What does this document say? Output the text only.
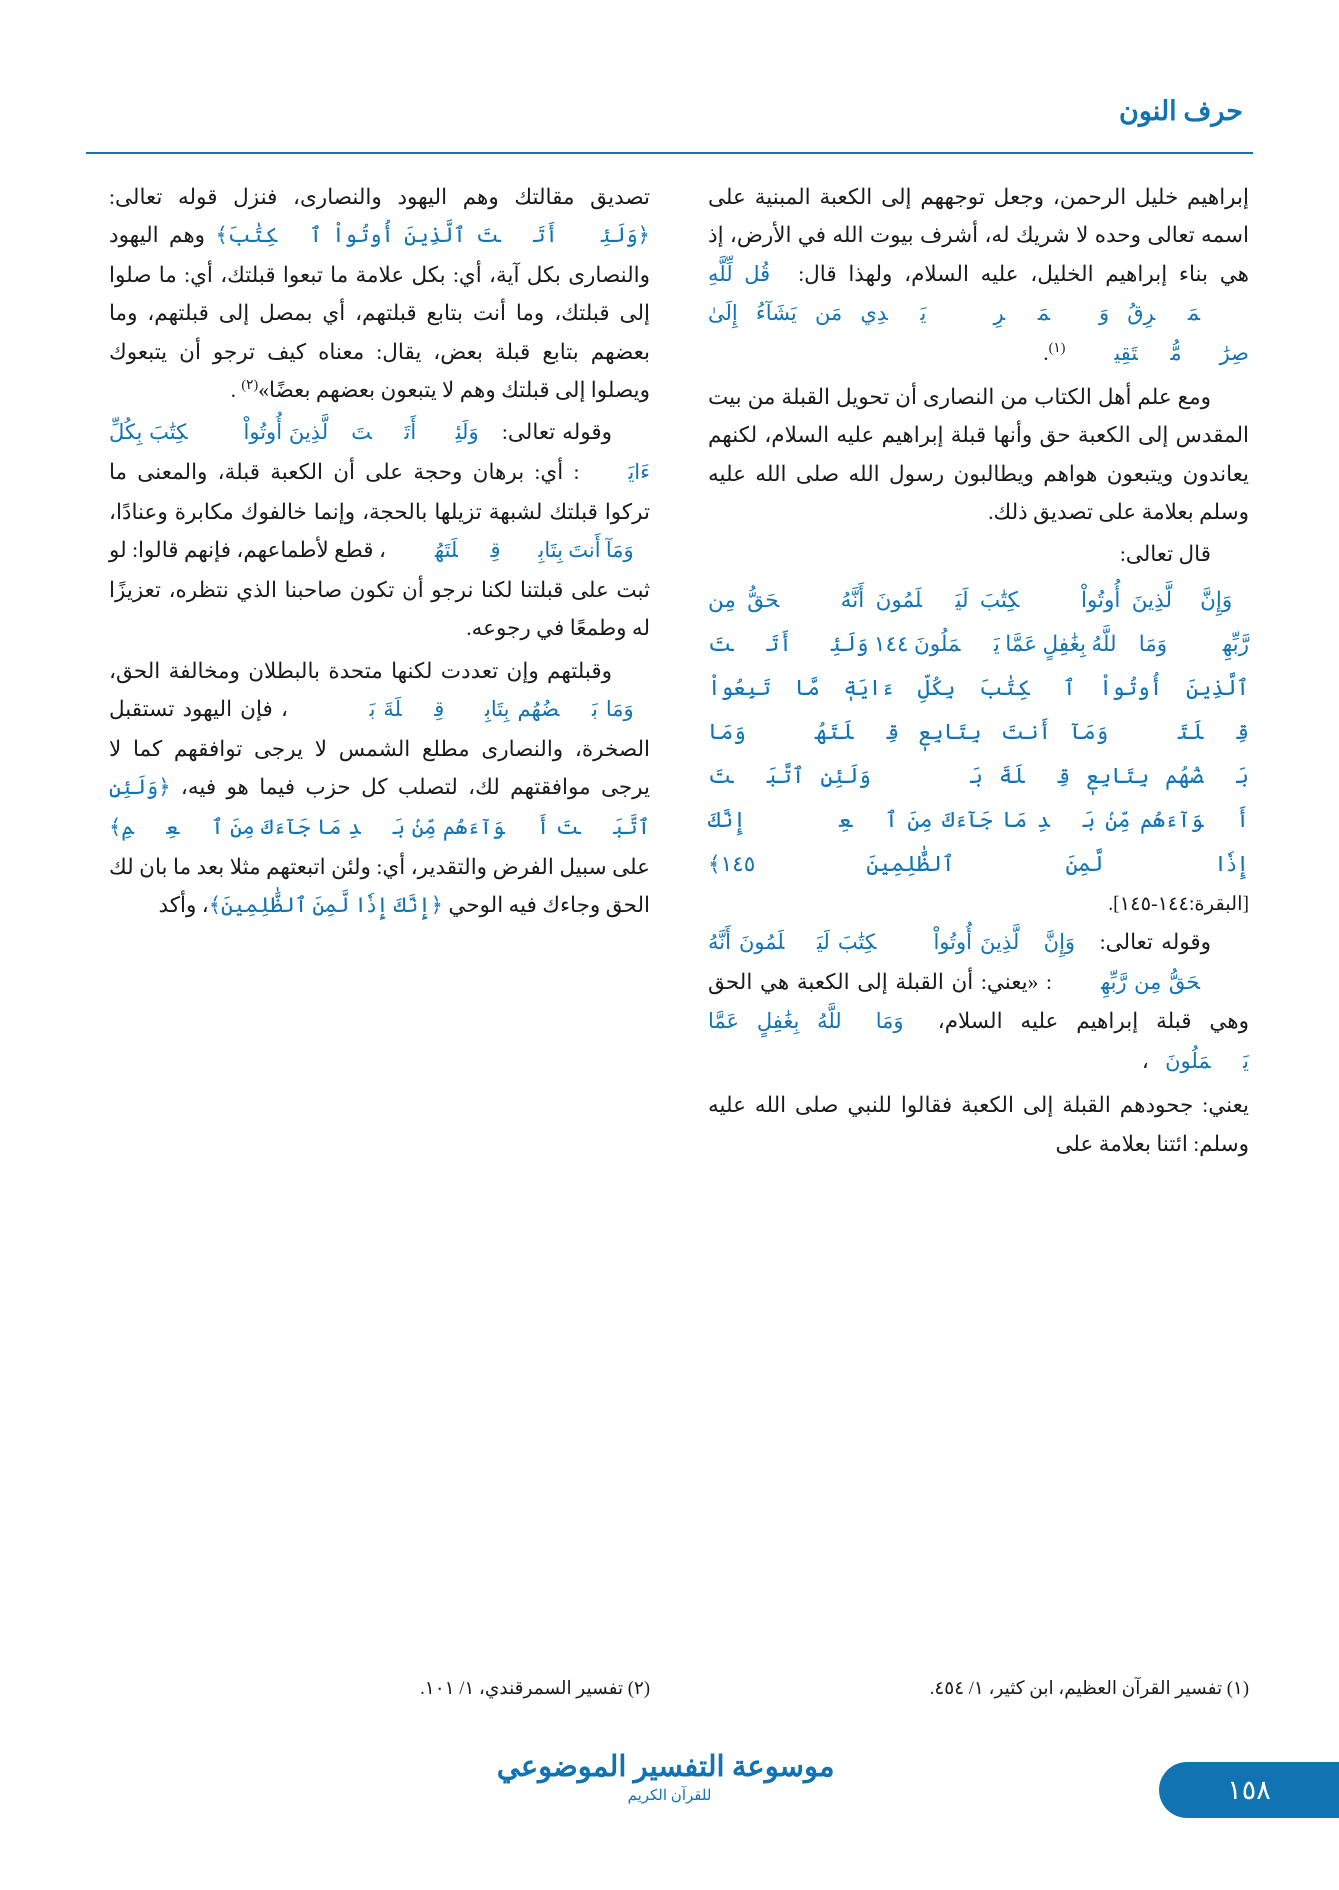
حرف النون

إبراهيم خليل الرحمن، وجعل توجههم إلى الكعبة المبنية على اسمه تعالى وحده لا شريك له، أشرف بيوت الله في الأرض، إذ هي بناء إبراهيم الخليل، عليه السلام، ولهذا قال: ﴿قُل لِّلَّهِ ٱلۡمَشۡرِقُ وَٱلۡمَغۡرِبُۚ يَهۡدِي مَن يَشَآءُ إِلَىٰ صِرَٰطٖ مُّسۡتَقِيمٖ﴾$^{(١)}$.

ومع علم أهل الكتاب من النصارى أن تحويل القبلة من بيت المقدس إلى الكعبة حق وأنها قبلة إبراهيم عليه السلام، لكنهم يعاندون ويتبعون هواهم ويطالبون رسول الله صلى الله عليه وسلم بعلامة على تصديق ذلك.

قال تعالى:

﴿وَإِنَّ ٱلَّذِينَ أُوتُواْ ٱلۡكِتَٰبَ لَيَعۡلَمُونَ أَنَّهُ ٱلۡحَقُّ مِن رَّبِّهِمۡۗ وَمَا ٱللَّهُ بِغَٰفِلٍ عَمَّا يَعۡمَلُونَ ١٤٤ وَلَئِنۡ أَتَيۡتَ ٱلَّذِينَ أُوتُواْ ٱلۡكِتَٰبَ بِكُلِّ ءَايَةٖ مَّا تَبِعُواْ قِبۡلَتَكَۚ وَمَآ أَنتَ بِتَابِعٖ قِبۡلَتَهُمۡۚ وَمَا بَعۡضُهُم بِتَابِعٖ قِبۡلَةَ بَعۡضٖۚ وَلَئِنِ ٱتَّبَعۡتَ أَهۡوَآءَهُم مِّنۢ بَعۡدِ مَا جَآءَكَ مِنَ ٱلۡعِلۡمِۙ إِنَّكَ إِذٗا لَّمِنَ ٱلظَّٰلِمِينَ ١٤٥﴾
[البقرة:١٤٤-١٤٥].

وقوله تعالى: ﴿وَإِنَّ ٱلَّذِينَ أُوتُواْ ٱلۡكِتَٰبَ لَيَعۡلَمُونَ أَنَّهُ ٱلۡحَقُّ مِن رَّبِّهِمۡ﴾: «يعني: أن القبلة إلى الكعبة هي الحق وهي قبلة إبراهيم عليه السلام، ﴿وَمَا ٱللَّهُ بِغَٰفِلٍ عَمَّا يَعۡمَلُونَ﴾،

يعني: جحودهم القبلة إلى الكعبة فقالوا للنبي صلى الله عليه وسلم: ائتنا بعلامة على

تصديق مقالتك وهم اليهود والنصارى، فنزل قوله تعالى: ﴿وَلَئِنۡ أَتَيۡتَ ٱلَّذِينَ أُوتُواْ ٱلۡكِتَٰبَ﴾ وهم اليهود والنصارى بكل آية، أي: بكل علامة ما تبعوا قبلتك، أي: ما صلوا إلى قبلتك، وما أنت بتابع قبلتهم، أي بمصل إلى قبلتهم، وما بعضهم بتابع قبلة بعض، يقال: معناه كيف ترجو أن يتبعوك ويصلوا إلى قبلتك وهم لا يتبعون بعضهم بعضًا»$^{(٢)}$ .

وقوله تعالى: ﴿وَلَئِنۡ أَتَيۡتَ ٱلَّذِينَ أُوتُواْ ٱلۡكِتَٰبَ بِكُلِّ ءَايَةٖ﴾: أي: برهان وحجة على أن الكعبة قبلة، والمعنى ما تركوا قبلتك لشبهة تزيلها بالحجة، وإنما خالفوك مكابرة وعنادًا، ﴿وَمَآ أَنتَ بِتَابِعٖ قِبۡلَتَهُمۡ﴾، قطع لأطماعهم، فإنهم قالوا: لو ثبت على قبلتنا لكنا نرجو أن تكون صاحبنا الذي نتظره، تعزيزًا له وطمعًا في رجوعه.

وقبلتهم وإن تعددت لكنها متحدة بالبطلان ومخالفة الحق، ﴿وَمَا بَعۡضُهُم بِتَابِعٖ قِبۡلَةَ بَعۡضٖ﴾، فإن اليهود تستقبل الصخرة، والنصارى مطلع الشمس لا يرجى توافقهم كما لا يرجى موافقتهم لك، لتصلب كل حزب فيما هو فيه، ﴿وَلَئِنِ ٱتَّبَعۡتَ أَهۡوَآءَهُم مِّنۢ بَعۡدِ مَا جَآءَكَ مِنَ ٱلۡعِلۡمِ﴾ على سبيل الفرض والتقدير، أي: ولئن اتبعتهم مثلا بعد ما بان لك الحق وجاءك فيه الوحي ﴿إِنَّكَ إِذٗا لَّمِنَ ٱلظَّٰلِمِينَ﴾، وأكد

(١) تفسير القرآن العظيم، ابن كثير، ١/ ٤٥٤.
(٢) تفسير السمرقندي، ١/ ١٠١.
موسوعة التفسير الموضوعي
للقرآن الكريم	١٥٨
